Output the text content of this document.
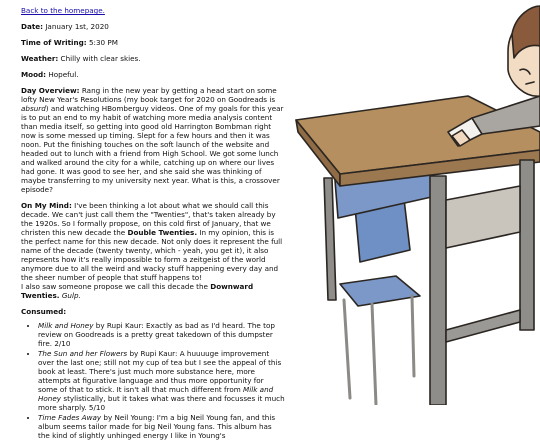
Back to the homepage.

Date: January 1st, 2020

Time of Writing: 5:30 PM

Weather: Chilly with clear skies.

Mood: Hopeful.

Day Overview: Rang in the new year by getting a head start on some lofty New Year's Resolutions (my book target for 2020 on Goodreads is absurd) and watching HBomberguy videos. One of my goals for this year is to put an end to my habit of watching more media analysis content than media itself, so getting into good old Harrington Bombman right now is some messed up timing. Slept for a few hours and then it was noon. Put the finishing touches on the soft launch of the website and headed out to lunch with a friend from High School. We got some lunch and walked around the city for a while, catching up on where our lives had gone. It was good to see her, and she said she was thinking of maybe transferring to my university next year. What is this, a crossover episode?

On My Mind: I've been thinking a lot about what we should call this decade. We can't just call them the "Twenties", that's taken already by the 1920s. So I formally propose, on this cold first of January, that we christen this new decade the Double Twenties. In my opinion, this is the perfect name for this new decade. Not only does it represent the full name of the decade (twenty twenty, which - yeah, you get it), it also represents how it's really impossible to form a zeitgeist of the world anymore due to all the weird and wacky stuff happening every day and the sheer number of people that stuff happens to!

I also saw someone propose we call this decade the Downward Twenties. Gulp.

Consumed:

• Milk and Honey by Rupi Kaur: Exactly as bad as I'd heard. The top review on Goodreads is a pretty great takedown of this dumpster fire. 2/10
• The Sun and her Flowers by Rupi Kaur: A huuuuge improvement over the last one; still not my cup of tea but I see the appeal of this book at least. There's just much more substance here, more attempts at figurative language and thus more opportunity for some of that to stick. It isn't all that much different from Milk and Honey stylistically, but it takes what was there and focusses it much more sharply. 5/10
• Time Fades Away by Neil Young: I'm a big Neil Young fan, and this album seems tailor made for big Neil Young fans. This album has the kind of slightly unhinged energy I like in Young's
